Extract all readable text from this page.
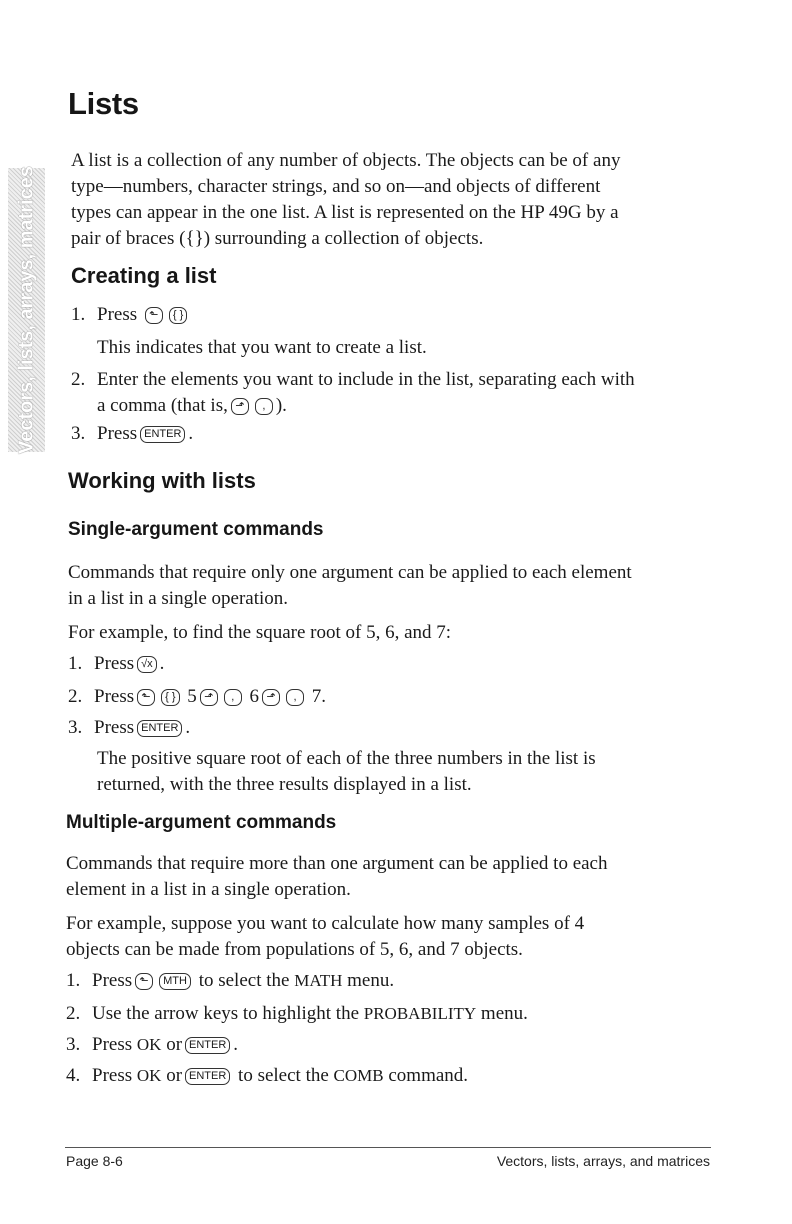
Vectors, lists, arrays, matrices
Lists

A list is a collection of any number of objects. The objects can be of any

type—numbers, character strings, and so on—and objects of different

types can appear in the one list. A list is represented on the HP 49G by a

pair of braces ({}) surrounding a collection of objects.

Creating a list
1. Press ⬑ { }
This indicates that you want to create a list.
2. Enter the elements you want to include in the list, separating each with
a comma (that is, ⬏ , ).
3. Press ENTER .
Working with lists
Single-argument commands

Commands that require only one argument can be applied to each element

in a list in a single operation.

For example, to find the square root of 5, 6, and 7:

1. Press √x .
2. Press ⬑ { } 5 ⬏ , 6 ⬏ , 7.
3. Press ENTER .
The positive square root of each of the three numbers in the list is
returned, with the three results displayed in a list.
Multiple-argument commands

Commands that require more than one argument can be applied to each

element in a list in a single operation.

For example, suppose you want to calculate how many samples of 4

objects can be made from populations of 5, 6, and 7 objects.

1. Press ⬑ MTH to select the MATH menu.
2. Use the arrow keys to highlight the PROBABILITY menu.
3. Press OK or ENTER .
4. Press OK or ENTER to select the COMB command.
Page 8-6	Vectors, lists, arrays, and matrices
